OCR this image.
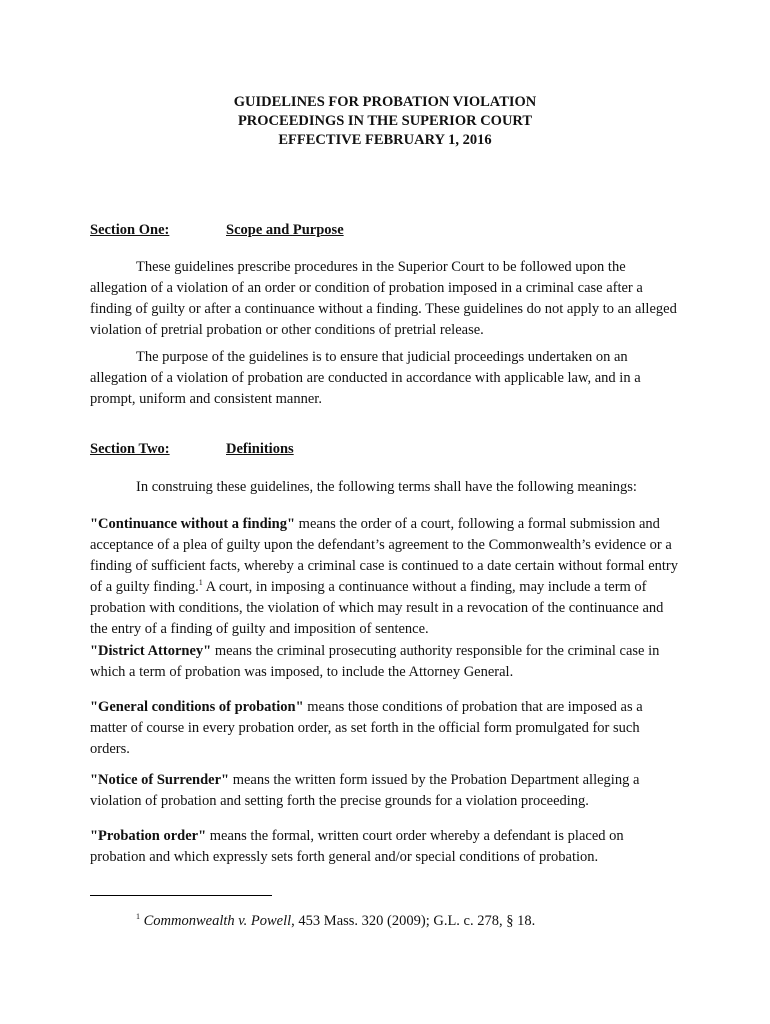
GUIDELINES FOR PROBATION VIOLATION
PROCEEDINGS IN THE SUPERIOR COURT
EFFECTIVE FEBRUARY 1, 2016
Section One:	Scope and Purpose
These guidelines prescribe procedures in the Superior Court to be followed upon the allegation of a violation of an order or condition of probation imposed in a criminal case after a finding of guilty or after a continuance without a finding. These guidelines do not apply to an alleged violation of pretrial probation or other conditions of pretrial release.
The purpose of the guidelines is to ensure that judicial proceedings undertaken on an allegation of a violation of probation are conducted in accordance with applicable law, and in a prompt, uniform and consistent manner.
Section Two:	Definitions
In construing these guidelines, the following terms shall have the following meanings:
"Continuance without a finding" means the order of a court, following a formal submission and acceptance of a plea of guilty upon the defendant’s agreement to the Commonwealth’s evidence or a finding of sufficient facts, whereby a criminal case is continued to a date certain without formal entry of a guilty finding.$^1$ A court, in imposing a continuance without a finding, may include a term of probation with conditions, the violation of which may result in a revocation of the continuance and the entry of a finding of guilty and imposition of sentence.
"District Attorney" means the criminal prosecuting authority responsible for the criminal case in which a term of probation was imposed, to include the Attorney General.
"General conditions of probation" means those conditions of probation that are imposed as a matter of course in every probation order, as set forth in the official form promulgated for such orders.
"Notice of Surrender" means the written form issued by the Probation Department alleging a violation of probation and setting forth the precise grounds for a violation proceeding.
"Probation order" means the formal, written court order whereby a defendant is placed on probation and which expressly sets forth general and/or special conditions of probation.
$^1$ Commonwealth v. Powell, 453 Mass. 320 (2009); G.L. c. 278, § 18.
